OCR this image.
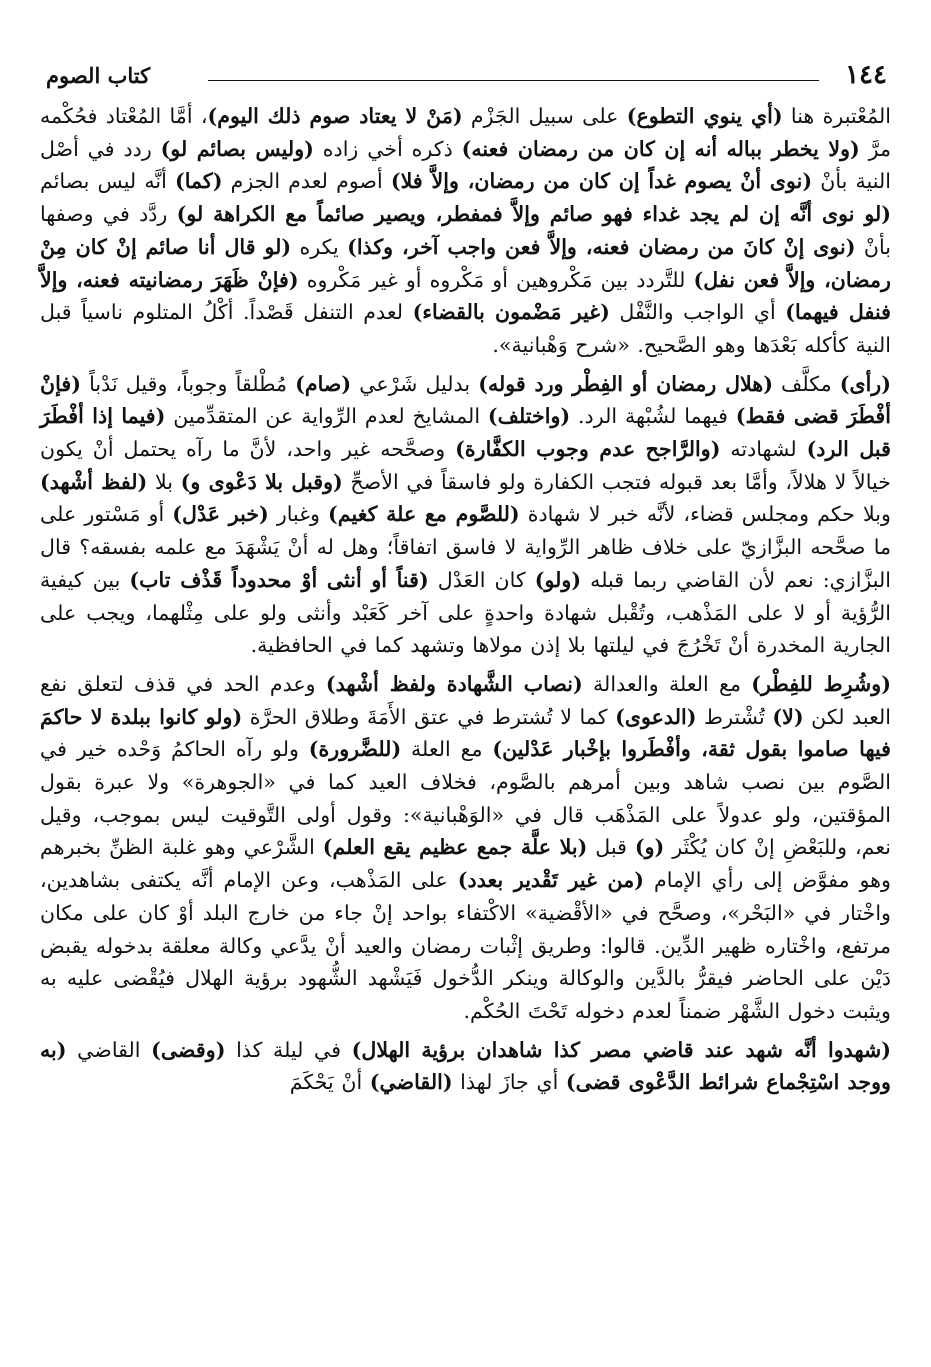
١٤٤
كتاب الصوم

المُعْتبرة هنا (أي ينوي التطوع) على سبيل الجَزْم (مَنْ لا يعتاد صوم ذلك اليوم)، أمَّا المُعْتاد فحُكْمه مرَّ (ولا يخطر بباله أنه إن كان من رمضان فعنه) ذكره أخي زاده (وليس بصائم لو) ردد في أصْل النية بأنْ (نوى أنْ يصوم غداً إن كان من رمضان، وإلاَّ فلا) أصوم لعدم الجزم (كما) أنَّه ليس بصائم (لو نوى أنَّه إن لم يجد غداء فهو صائم وإلاَّ فمفطر، ويصير صائماً مع الكراهة لو) ردَّد في وصفها بأنْ (نوى إنْ كانَ من رمضان فعنه، وإلاَّ فعن واجب آخر، وكذا) يكره (لو قال أنا صائم إنْ كان مِنْ رمضان، وإلاَّ فعن نفل) للتَّردد بين مَكْروهين أو مَكْروه أو غير مَكْروه (فإنْ ظَهَرَ رمضانيته فعنه، وإلاَّ فنفل فيهما) أي الواجب والنَّفْل (غير مَضْمون بالقضاء) لعدم التنفل قَصْداً. أكْلُ المتلوم ناسياً قبل النية كأكله بَعْدَها وهو الصَّحيح. «شرح وَهْبانية».

(رأى) مكلَّف (هلال رمضان أو الفِطْر ورد قوله) بدليل شَرْعي (صام) مُطْلقاً وجوباً، وقيل نَدْباً (فإنْ أفْطَرَ قضى فقط) فيهما لشُبْهة الرد. (واختلف) المشايخ لعدم الرِّواية عن المتقدِّمين (فيما إذا أفْطَرَ قبل الرد) لشهادته (والرَّاجح عدم وجوب الكفَّارة) وصحَّحه غير واحد، لأنَّ ما رآه يحتمل أنْ يكون خيالاً لا هلالاً، وأمَّا بعد قبوله فتجب الكفارة ولو فاسقاً في الأصحِّ (وقبل بلا دَعْوى و) بلا (لفظ أشْهد) وبلا حكم ومجلس قضاء، لأنَّه خبر لا شهادة (للصَّوم مع علة كغيم) وغبار (خبر عَدْل) أو مَسْتور على ما صحَّحه البزَّازيّ على خلاف ظاهر الرِّواية لا فاسق اتفاقاً؛ وهل له أنْ يَشْهَدَ مع علمه بفسقه؟ قال البزَّازي: نعم لأن القاضي ربما قبله (ولو) كان العَدْل (قناً أو أنثى أوْ محدوداً قَذْف تاب) بين كيفية الرُّؤية أو لا على المَذْهب، وتُقْبل شهادة واحدةٍ على آخر كَعَبْد وأنثى ولو على مِثْلهما، ويجب على الجارية المخدرة أنْ تَخْرُجَ في ليلتها بلا إذن مولاها وتشهد كما في الحافظية.

(وشُرِط للفِطْر) مع العلة والعدالة (نصاب الشَّهادة ولفظ أشْهد) وعدم الحد في قذف لتعلق نفع العبد لكن (لا) تُشْترط (الدعوى) كما لا تُشترط في عتق الأَمَةَ وطلاق الحرَّة (ولو كانوا ببلدة لا حاكمَ فيها صاموا بقول ثقة، وأفْطَروا بإخْبار عَدْلين) مع العلة (للضَّرورة) ولو رآه الحاكمُ وَحْده خير في الصَّوم بين نصب شاهد وبين أمرهم بالصَّوم، فخلاف العيد كما في «الجوهرة» ولا عبرة بقول المؤقتين، ولو عدولاً على المَذْهَب قال في «الوَهْبانية»: وقول أولى التَّوقيت ليس بموجب، وقيل نعم، وللبَعْضِ إنْ كان يُكْثَر (و) قبل (بلا علَّة جمع عظيم يقع العلم) الشَّرْعي وهو غلبة الظنِّ بخبرهم وهو مفوَّض إلى رأي الإمام (من غير تَقْدير بعدد) على المَذْهب، وعن الإمام أنَّه يكتفى بشاهدين، واخْتار في «البَحْر»، وصحَّح في «الأقْضية» الاكْتفاء بواحد إنْ جاء من خارج البلد أوْ كان على مكان مرتفع، واخْتاره ظهير الدِّين. قالوا: وطريق إثْبات رمضان والعيد أنْ يدَّعي وكالة معلقة بدخوله يقبض دَيْن على الحاضر فيقرُّ بالدَّين والوكالة وينكر الدُّخول فَيَشْهد الشُّهود برؤية الهلال فيُقْضى عليه به ويثبت دخول الشَّهْر ضمناً لعدم دخوله تَحْتَ الحُكْم.

(شهدوا أنَّه شهد عند قاضي مصر كذا شاهدان برؤية الهلال) في ليلة كذا (وقضى) القاضي (به ووجد اسْتِجْماع شرائط الدَّعْوى قضى) أي جازَ لهذا (القاضي) أنْ يَحْكَمَ
